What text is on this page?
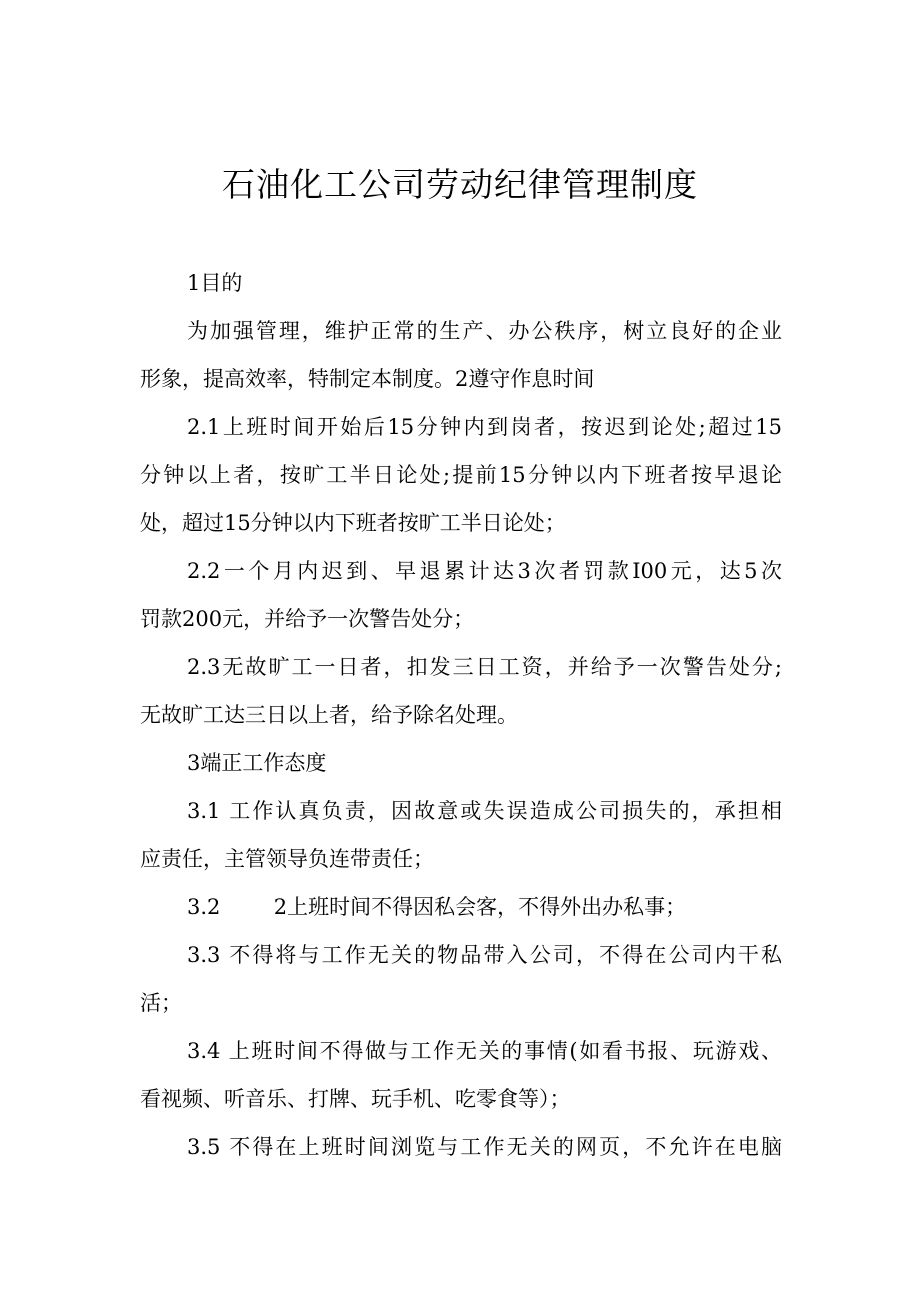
石油化工公司劳动纪律管理制度

1目的

为加强管理，维护正常的生产、办公秩序，树立良好的企业

形象，提高效率，特制定本制度。2遵守作息时间

2.1上班时间开始后15分钟内到岗者，按迟到论处;超过15

分钟以上者，按旷工半日论处;提前15分钟以内下班者按早退论

处，超过15分钟以内下班者按旷工半日论处；

2.2一个月内迟到、早退累计达3次者罚款I00元，达5次

罚款200元，并给予一次警告处分；

2.3无故旷工一日者，扣发三日工资，并给予一次警告处分;

无故旷工达三日以上者，给予除名处理。

3端正工作态度

3.1 工作认真负责，因故意或失误造成公司损失的，承担相

应责任，主管领导负连带责任；

3.2        2上班时间不得因私会客，不得外出办私事；

3.3 不得将与工作无关的物品带入公司，不得在公司内干私

活；

3.4 上班时间不得做与工作无关的事情(如看书报、玩游戏、

看视频、听音乐、打牌、玩手机、吃零食等）；

3.5 不得在上班时间浏览与工作无关的网页，不允许在电脑
